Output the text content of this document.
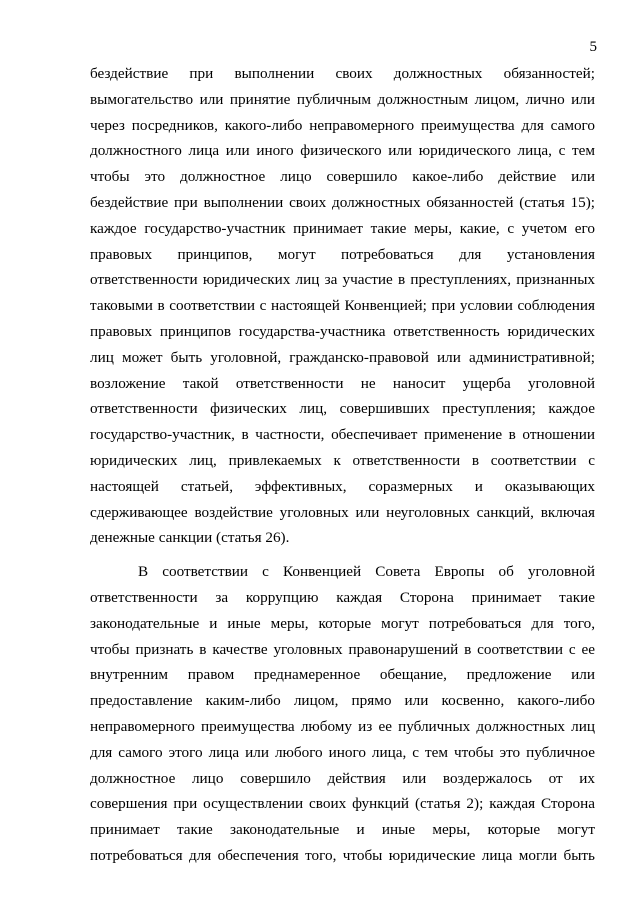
5
бездействие при выполнении своих должностных обязанностей;
вымогательство или принятие публичным должностным лицом, лично или
через посредников, какого-либо неправомерного преимущества для самого
должностного лица или иного физического или юридического лица, с тем
чтобы это должностное лицо совершило какое-либо действие или
бездействие при выполнении своих должностных обязанностей (статья 15);
каждое государство-участник принимает такие меры, какие, с учетом его
правовых принципов, могут потребоваться для установления
ответственности юридических лиц за участие в преступлениях, признанных
таковыми в соответствии с настоящей Конвенцией; при условии соблюдения
правовых принципов государства-участника ответственность юридических
лиц может быть уголовной, гражданско-правовой или административной;
возложение такой ответственности не наносит ущерба уголовной
ответственности физических лиц, совершивших преступления; каждое
государство-участник, в частности, обеспечивает применение в отношении
юридических лиц, привлекаемых к ответственности в соответствии с
настоящей статьей, эффективных, соразмерных и оказывающих
сдерживающее воздействие уголовных или неуголовных санкций, включая
денежные санкции (статья 26).
В соответствии с Конвенцией Совета Европы об уголовной
ответственности за коррупцию каждая Сторона принимает такие
законодательные и иные меры, которые могут потребоваться для того,
чтобы признать в качестве уголовных правонарушений в соответствии с ее
внутренним правом преднамеренное обещание, предложение или
предоставление каким-либо лицом, прямо или косвенно, какого-либо
неправомерного преимущества любому из ее публичных должностных лиц
для самого этого лица или любого иного лица, с тем чтобы это публичное
должностное лицо совершило действия или воздержалось от их
совершения при осуществлении своих функций (статья 2); каждая Сторона
принимает такие законодательные и иные меры, которые могут
потребоваться для обеспечения того, чтобы юридические лица могли быть
